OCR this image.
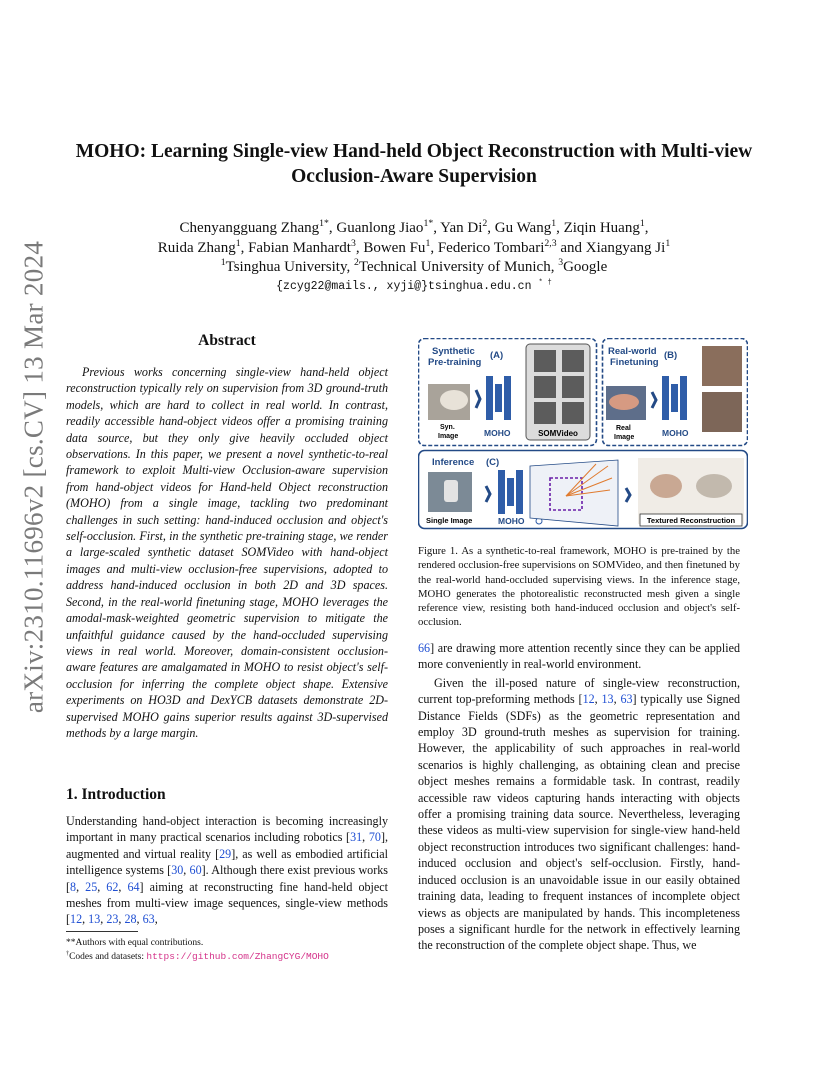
arXiv:2310.11696v2 [cs.CV] 13 Mar 2024
MOHO: Learning Single-view Hand-held Object Reconstruction with Multi-view
Occlusion-Aware Supervision
Chenyangguang Zhang$^{1*}$, Guanlong Jiao$^{1*}$, Yan Di$^2$, Gu Wang$^1$, Ziqin Huang$^1$,
Ruida Zhang$^1$, Fabian Manhardt$^3$, Bowen Fu$^1$, Federico Tombari$^{2,3}$ and Xiangyang Ji$^1$
$^1$Tsinghua University, $^2$Technical University of Munich, $^3$Google
{zcyg22@mails., xyji@}tsinghua.edu.cn * †
Abstract
Previous works concerning single-view hand-held object reconstruction typically rely on supervision from 3D ground-truth models, which are hard to collect in real world. In contrast, readily accessible hand-object videos offer a promising training data source, but they only give heavily occluded object observations. In this paper, we present a novel synthetic-to-real framework to exploit Multi-view Occlusion-aware supervision from hand-object videos for Hand-held Object reconstruction (MOHO) from a single image, tackling two predominant challenges in such setting: hand-induced occlusion and object's self-occlusion. First, in the synthetic pre-training stage, we render a large-scaled synthetic dataset SOMVideo with hand-object images and multi-view occlusion-free supervisions, adopted to address hand-induced occlusion in both 2D and 3D spaces. Second, in the real-world finetuning stage, MOHO leverages the amodal-mask-weighted geometric supervision to mitigate the unfaithful guidance caused by the hand-occluded supervising views in real world. Moreover, domain-consistent occlusion-aware features are amalgamated in MOHO to resist object's self-occlusion for inferring the complete object shape. Extensive experiments on HO3D and DexYCB datasets demonstrate 2D-supervised MOHO gains superior results against 3D-supervised methods by a large margin.
1. Introduction
Understanding hand-object interaction is becoming increasingly important in many practical scenarios including robotics [31, 70], augmented and virtual reality [29], as well as embodied artificial intelligence systems [30, 60]. Although there exist previous works [8, 25, 62, 64] aiming at reconstructing fine hand-held object meshes from multi-view image sequences, single-view methods [12, 13, 23, 28, 63,
**Authors with equal contributions.
†Codes and datasets: https://github.com/ZhangCYG/MOHO
Synthetic
Pre-training
(A)
Syn.
Image	MOHO	SOMVideo
Real-world
Finetuning
(B)
Real
Image	MOHO
Inference (C)
Single Image	MOHO	Textured Reconstruction
Figure 1. As a synthetic-to-real framework, MOHO is pre-trained by the rendered occlusion-free supervisions on SOMVideo, and then finetuned by the real-world hand-occluded supervising views. In the inference stage, MOHO generates the photorealistic reconstructed mesh given a single reference view, resisting both hand-induced occlusion and object's self-occlusion.

66] are drawing more attention recently since they can be applied more conveniently in real-world environment.

Given the ill-posed nature of single-view reconstruction, current top-preforming methods [12, 13, 63] typically use Signed Distance Fields (SDFs) as the geometric representation and employ 3D ground-truth meshes as supervision for training. However, the applicability of such approaches in real-world scenarios is highly challenging, as obtaining clean and precise object meshes remains a formidable task. In contrast, readily accessible raw videos capturing hands interacting with objects offer a promising training data source. Nevertheless, leveraging these videos as multi-view supervision for single-view hand-held object reconstruction introduces two significant challenges: hand-induced occlusion and object's self-occlusion. Firstly, hand-induced occlusion is an unavoidable issue in our easily obtained training data, leading to frequent instances of incomplete object views as objects are manipulated by hands. This incompleteness poses a significant hurdle for the network in effectively learning the reconstruction of the complete object shape. Thus, we
